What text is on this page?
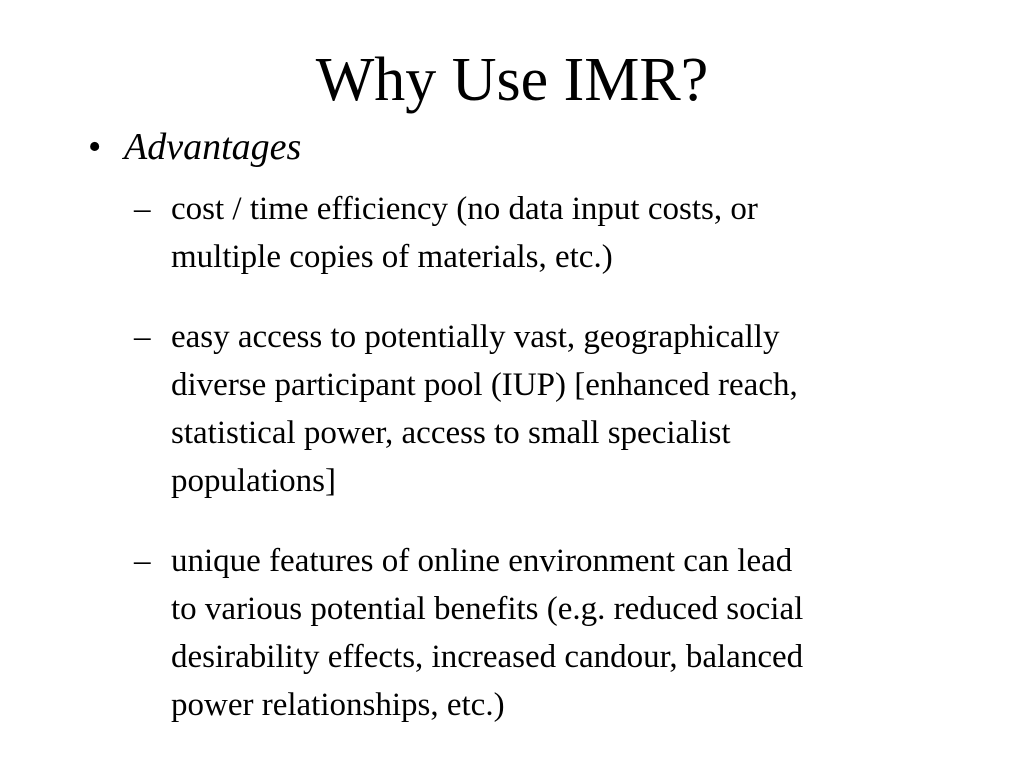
Why Use IMR?
• Advantages
– cost / time efficiency (no data input costs, or
multiple copies of materials, etc.)
– easy access to potentially vast, geographically
diverse participant pool (IUP) [enhanced reach,
statistical power, access to small specialist
populations]
– unique features of online environment can lead
to various potential benefits (e.g. reduced social
desirability effects, increased candour, balanced
power relationships, etc.)
